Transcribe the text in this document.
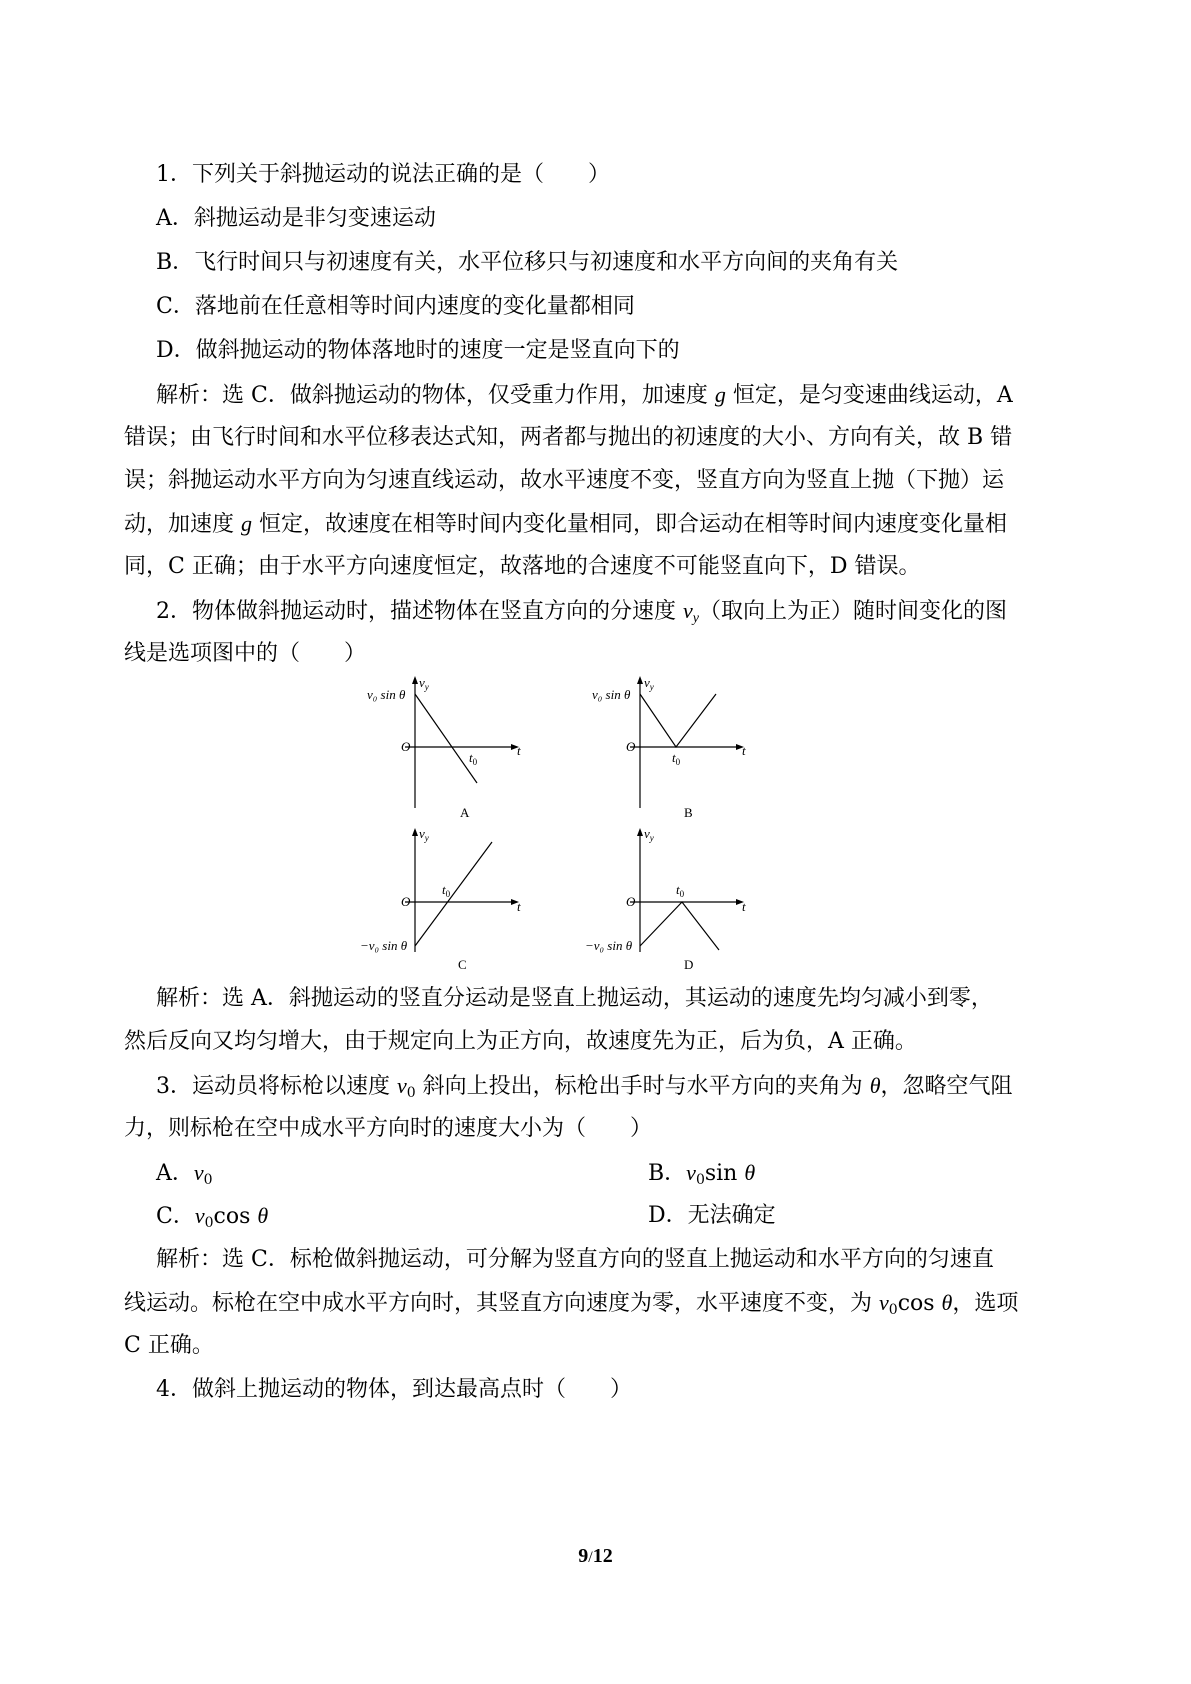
1．下列关于斜抛运动的说法正确的是（　　）
A．斜抛运动是非匀变速运动
B．飞行时间只与初速度有关，水平位移只与初速度和水平方向间的夹角有关
C．落地前在任意相等时间内速度的变化量都相同
D．做斜抛运动的物体落地时的速度一定是竖直向下的
解析：选 C．做斜抛运动的物体，仅受重力作用，加速度 g 恒定，是匀变速曲线运动，A
错误；由飞行时间和水平位移表达式知，两者都与抛出的初速度的大小、方向有关，故 B 错
误；斜抛运动水平方向为匀速直线运动，故水平速度不变，竖直方向为竖直上抛（下抛）运
动，加速度 g 恒定，故速度在相等时间内变化量相同，即合运动在相等时间内速度变化量相
同，C 正确；由于水平方向速度恒定，故落地的合速度不可能竖直向下，D 错误。
2．物体做斜抛运动时，描述物体在竖直方向的分速度 $v_y$（取向上为正）随时间变化的图
线是选项图中的（　　）
$v_y$
v₀ sin θ
O	t
$t_0$
A
$v_y$
v₀ sin θ
O	t
$t_0$
B
$v_y$
−v₀ sin θ
O	t
$t_0$
C
$v_y$
−v₀ sin θ
O	t
$t_0$
D
解析：选 A．斜抛运动的竖直分运动是竖直上抛运动，其运动的速度先均匀减小到零，
然后反向又均匀增大，由于规定向上为正方向，故速度先为正，后为负，A 正确。
3．运动员将标枪以速度 $v_0$ 斜向上投出，标枪出手时与水平方向的夹角为 θ，忽略空气阻
力，则标枪在空中成水平方向时的速度大小为（　　）
A．$v_0$	B．$v_0\sin$ θ
C．$v_0\cos$ θ	D．无法确定
解析：选 C．标枪做斜抛运动，可分解为竖直方向的竖直上抛运动和水平方向的匀速直
线运动。标枪在空中成水平方向时，其竖直方向速度为零，水平速度不变，为 $v_0\cos$ θ，选项
C 正确。
4．做斜上抛运动的物体，到达最高点时（　　）
9/12
